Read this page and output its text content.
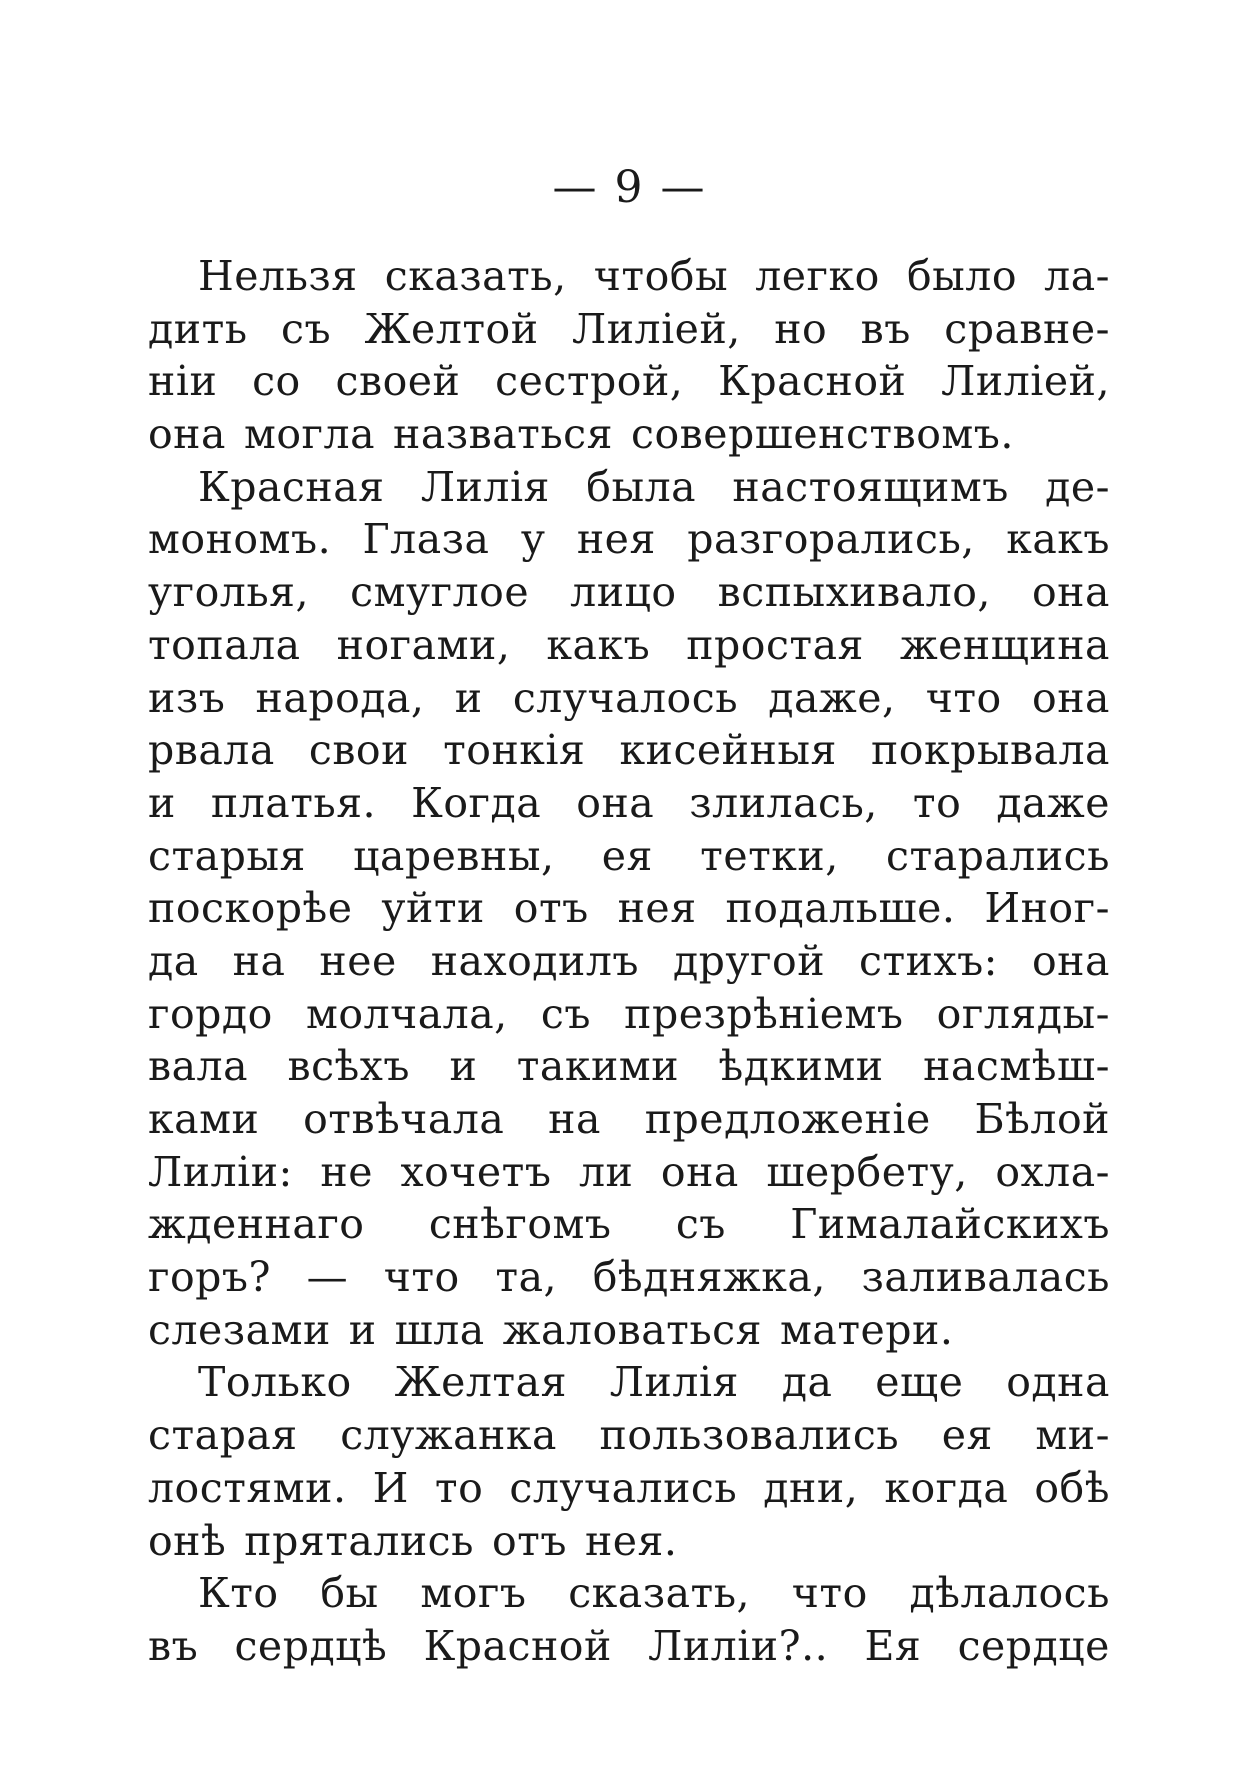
— 9 —
Нельзя сказать, чтобы легко было ла-
дить съ Желтой Лиліей, но въ сравне-
ніи со своей сестрой, Красной Лиліей,
она могла назваться совершенствомъ.
Красная Лилія была настоящимъ де-
мономъ. Глаза у нея разгорались, какъ
уголья, смуглое лицо вспыхивало, она
топала ногами, какъ простая женщина
изъ народа, и случалось даже, что она
рвала свои тонкія кисейныя покрывала
и платья. Когда она злилась, то даже
старыя царевны, ея тетки, старались
поскорѣе уйти отъ нея подальше. Иног-
да на нее находилъ другой стихъ: она
гордо молчала, съ презрѣніемъ огляды-
вала всѣхъ и такими ѣдкими насмѣш-
ками отвѣчала на предложеніе Бѣлой
Лиліи: не хочетъ ли она шербету, охла-
жденнаго снѣгомъ съ Гималайскихъ
горъ? — что та, бѣдняжка, заливалась
слезами и шла жаловаться матери.
Только Желтая Лилія да еще одна
старая служанка пользовались ея ми-
лостями. И то случались дни, когда обѣ
онѣ прятались отъ нея.
Кто бы могъ сказать, что дѣлалось
въ сердцѣ Красной Лиліи?.. Ея сердце
